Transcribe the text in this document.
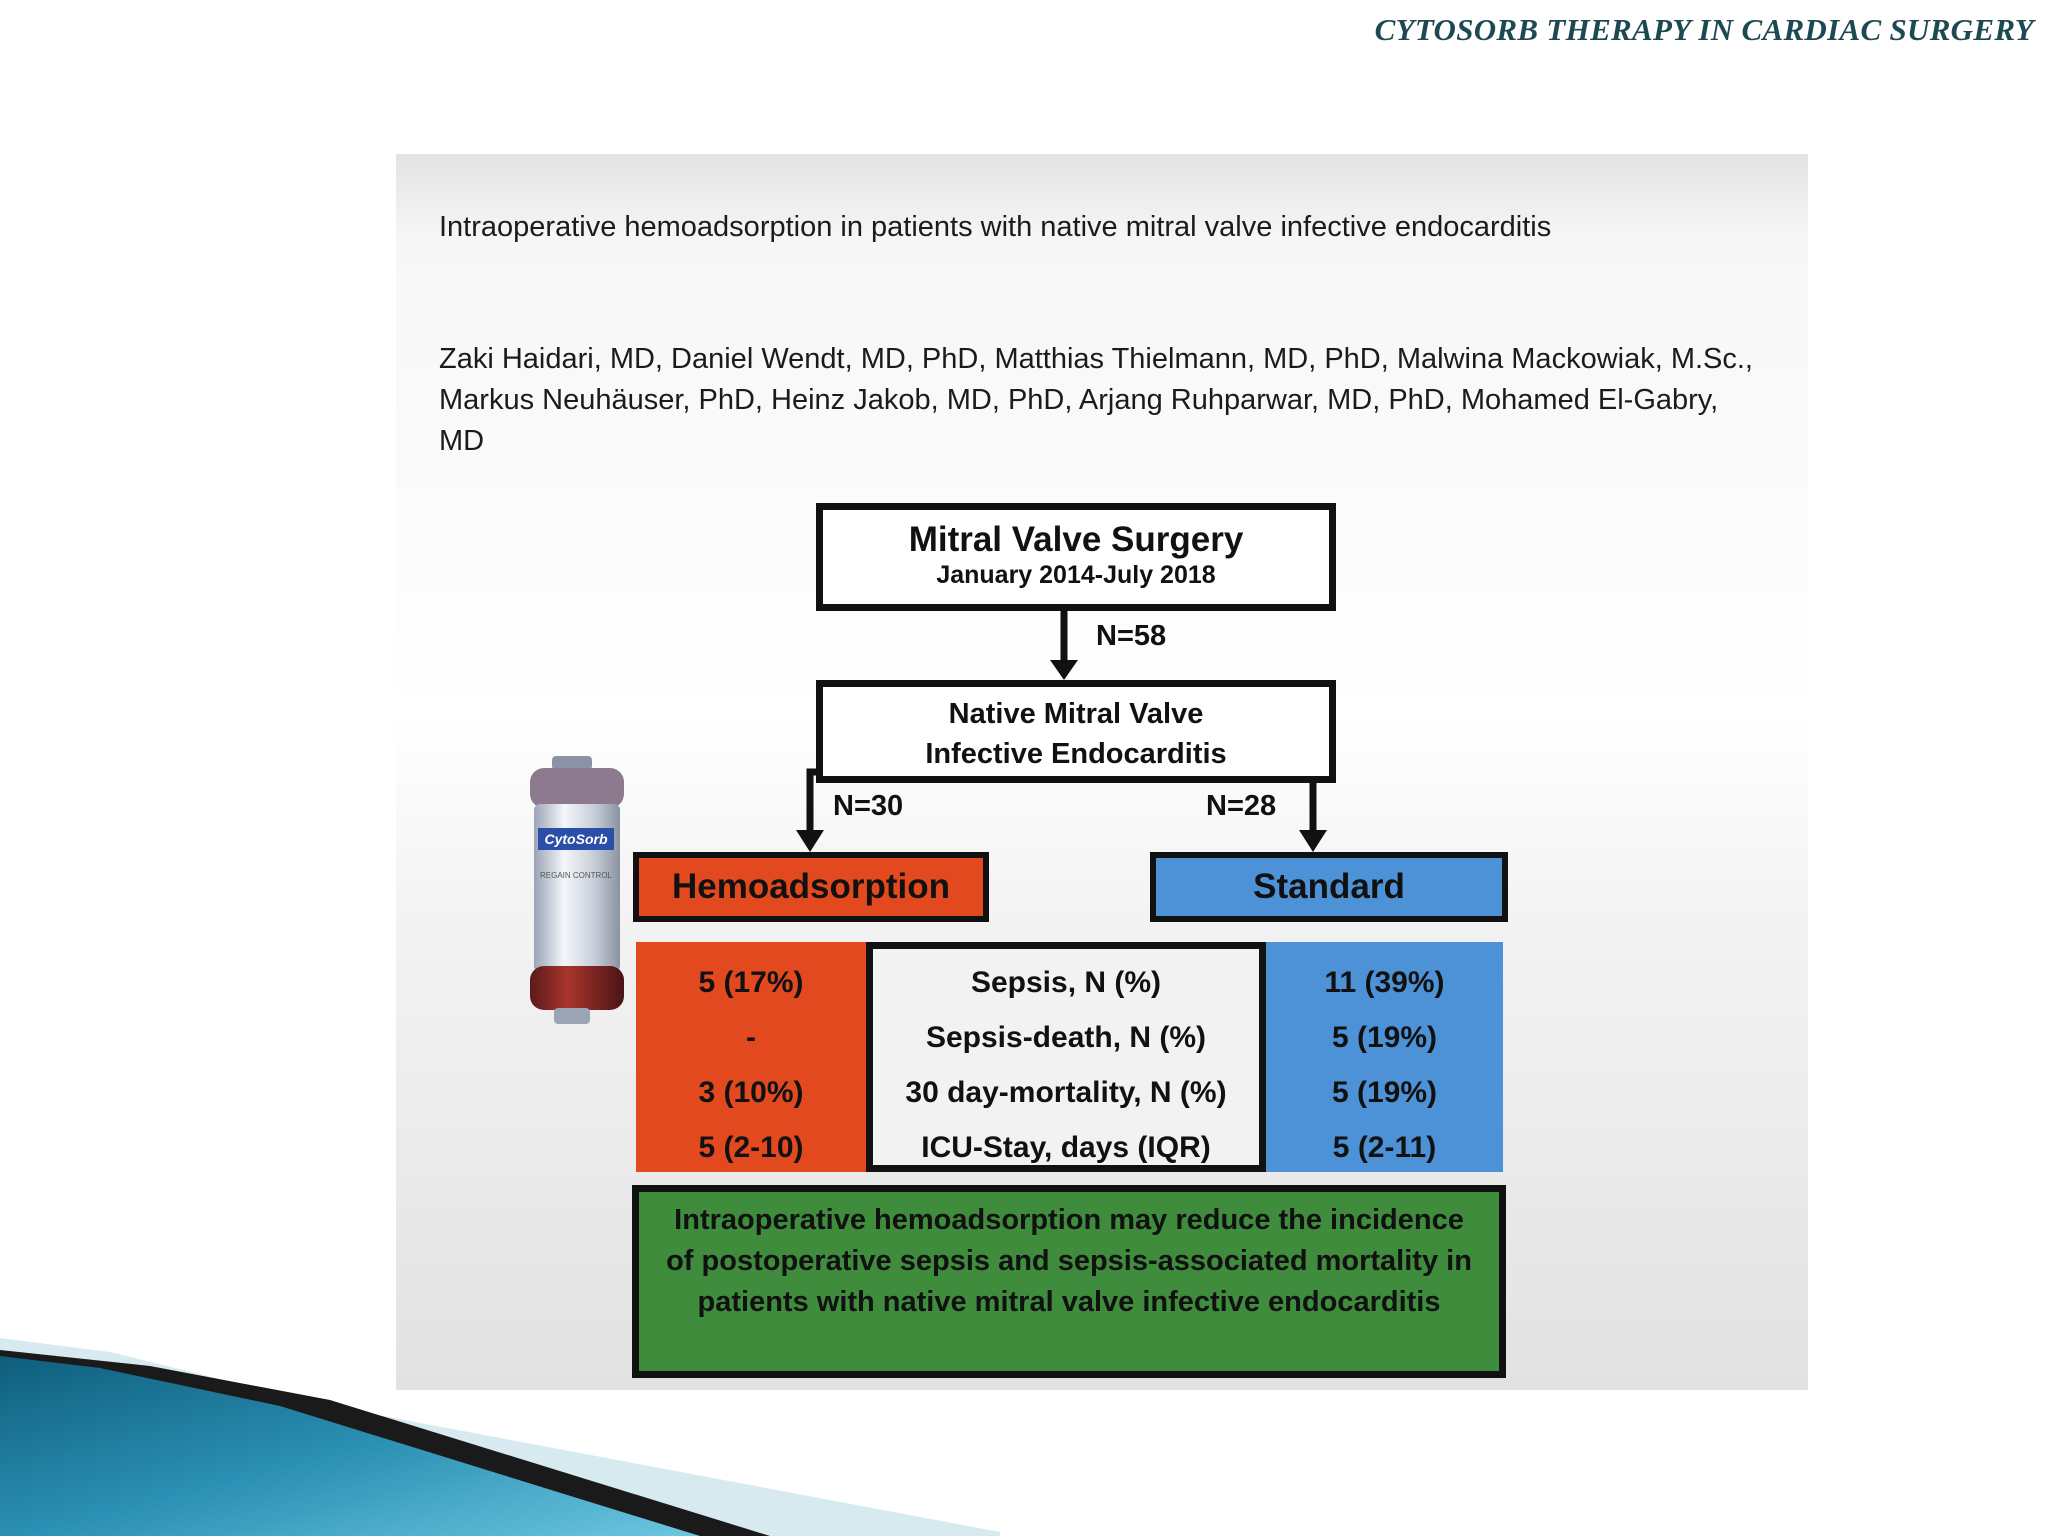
CYTOSORB THERAPY IN CARDIAC SURGERY
Intraoperative hemoadsorption in patients with native mitral valve infective endocarditis
Zaki Haidari, MD, Daniel Wendt, MD, PhD, Matthias Thielmann, MD, PhD, Malwina Mackowiak, M.Sc., Markus Neuhäuser, PhD, Heinz Jakob, MD, PhD, Arjang Ruhparwar, MD, PhD, Mohamed El-Gabry, MD
Mitral Valve Surgery
January 2014-July 2018
N=58
Native Mitral Valve
Infective Endocarditis
N=30	N=28
Hemoadsorption	Standard
5 (17%)
-
3 (10%)
5 (2-10)
Sepsis, N (%)
Sepsis-death, N (%)
30 day-mortality, N (%)
ICU-Stay, days (IQR)
11 (39%)
5 (19%)
5 (19%)
5 (2-11)
Intraoperative hemoadsorption may reduce the incidence of postoperative sepsis and sepsis-associated mortality in patients with native mitral valve infective endocarditis
CytoSorb
REGAIN CONTROL
